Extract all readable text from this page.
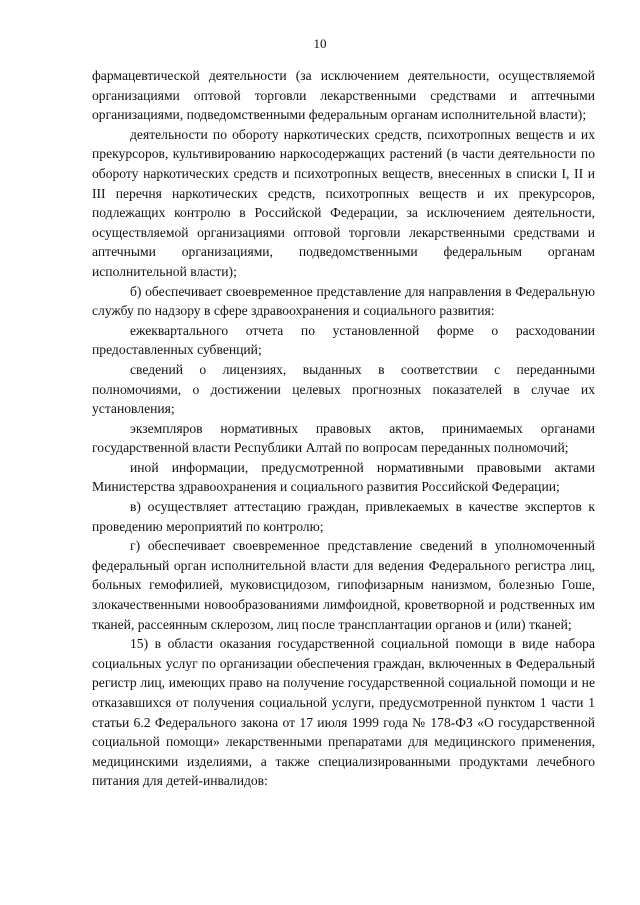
10

фармацевтической деятельности (за исключением деятельности, осуществляемой организациями оптовой торговли лекарственными средствами и аптечными организациями, подведомственными федеральным органам исполнительной власти);

деятельности по обороту наркотических средств, психотропных веществ и их прекурсоров, культивированию наркосодержащих растений (в части деятельности по обороту наркотических средств и психотропных веществ, внесенных в списки I, II и III перечня наркотических средств, психотропных веществ и их прекурсоров, подлежащих контролю в Российской Федерации, за исключением деятельности, осуществляемой организациями оптовой торговли лекарственными средствами и аптечными организациями, подведомственными федеральным органам исполнительной власти);

б) обеспечивает своевременное представление для направления в Федеральную службу по надзору в сфере здравоохранения и социального развития:

ежеквартального отчета по установленной форме о расходовании предоставленных субвенций;

сведений о лицензиях, выданных в соответствии с переданными полномочиями, о достижении целевых прогнозных показателей в случае их установления;

экземпляров нормативных правовых актов, принимаемых органами государственной власти Республики Алтай по вопросам переданных полномочий;

иной информации, предусмотренной нормативными правовыми актами Министерства здравоохранения и социального развития Российской Федерации;

в) осуществляет аттестацию граждан, привлекаемых в качестве экспертов к проведению мероприятий по контролю;

г) обеспечивает своевременное представление сведений в уполномоченный федеральный орган исполнительной власти для ведения Федерального регистра лиц, больных гемофилией, муковисцидозом, гипофизарным нанизмом, болезнью Гоше, злокачественными новообразованиями лимфоидной, кроветворной и родственных им тканей, рассеянным склерозом, лиц после трансплантации органов и (или) тканей;

15) в области оказания государственной социальной помощи в виде набора социальных услуг по организации обеспечения граждан, включенных в Федеральный регистр лиц, имеющих право на получение государственной социальной помощи и не отказавшихся от получения социальной услуги, предусмотренной пунктом 1 части 1 статьи 6.2 Федерального закона от 17 июля 1999 года № 178-ФЗ «О государственной социальной помощи» лекарственными препаратами для медицинского применения, медицинскими изделиями, а также специализированными продуктами лечебного питания для детей-инвалидов:
